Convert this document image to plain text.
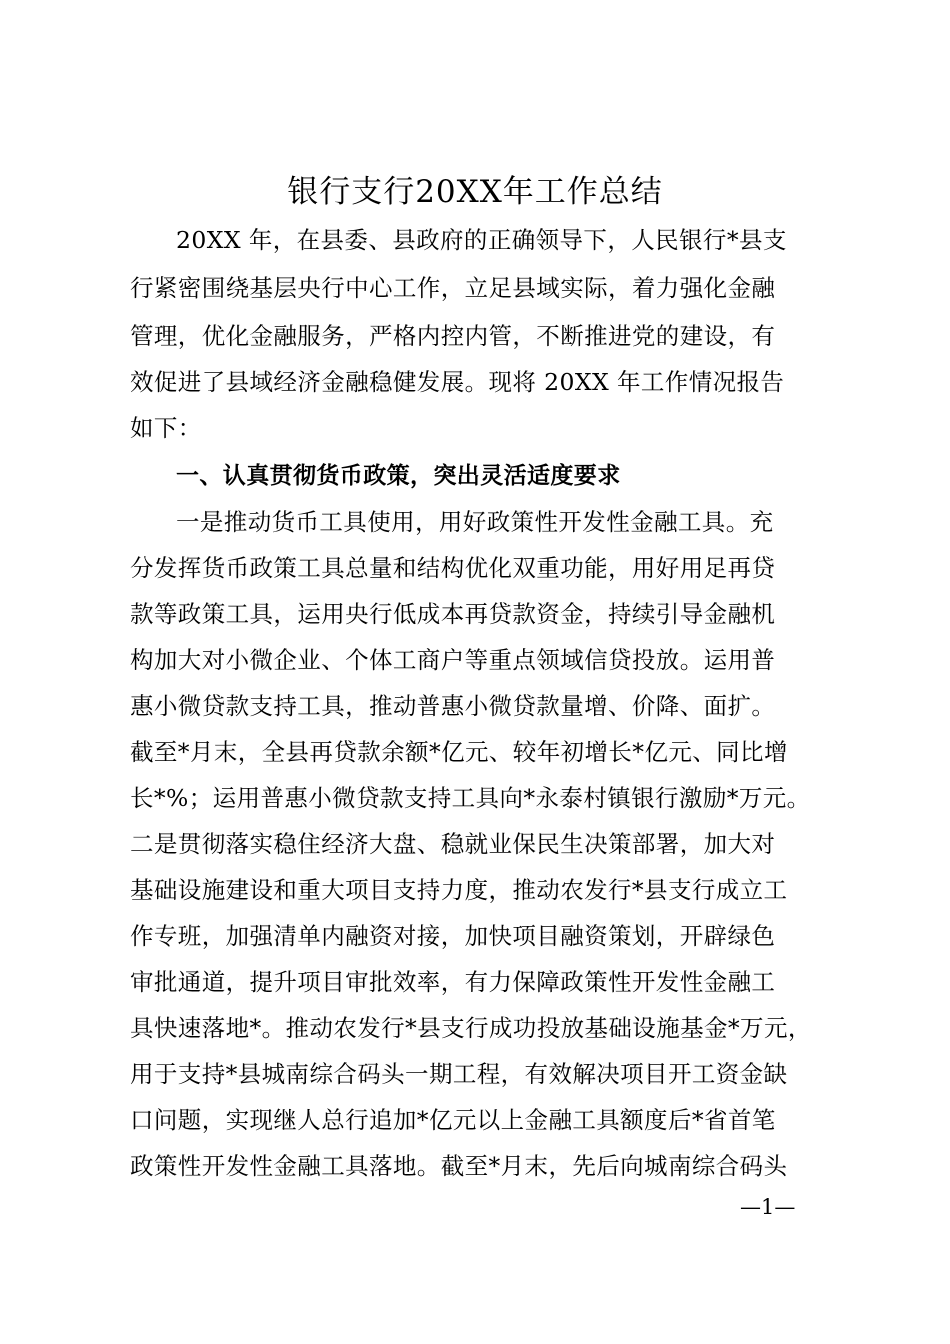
银行支行20XX年工作总结
20XX 年，在县委、县政府的正确领导下，人民银行*县支
行紧密围绕基层央行中心工作，立足县域实际，着力强化金融
管理，优化金融服务，严格内控内管，不断推进党的建设，有
效促进了县域经济金融稳健发展。现将 20XX 年工作情况报告
如下：
一、认真贯彻货币政策，突出灵活适度要求
一是推动货币工具使用，用好政策性开发性金融工具。充
分发挥货币政策工具总量和结构优化双重功能，用好用足再贷
款等政策工具，运用央行低成本再贷款资金，持续引导金融机
构加大对小微企业、个体工商户等重点领域信贷投放。运用普
惠小微贷款支持工具，推动普惠小微贷款量增、价降、面扩。
截至*月末，全县再贷款余额*亿元、较年初增长*亿元、同比增
长*%；运用普惠小微贷款支持工具向*永泰村镇银行激励*万元。
二是贯彻落实稳住经济大盘、稳就业保民生决策部署，加大对
基础设施建设和重大项目支持力度，推动农发行*县支行成立工
作专班，加强清单内融资对接，加快项目融资策划，开辟绿色
审批通道，提升项目审批效率，有力保障政策性开发性金融工
具快速落地*。推动农发行*县支行成功投放基础设施基金*万元，
用于支持*县城南综合码头一期工程，有效解决项目开工资金缺
口问题，实现继人总行追加*亿元以上金融工具额度后*省首笔
政策性开发性金融工具落地。截至*月末，先后向城南综合码头
—1—
